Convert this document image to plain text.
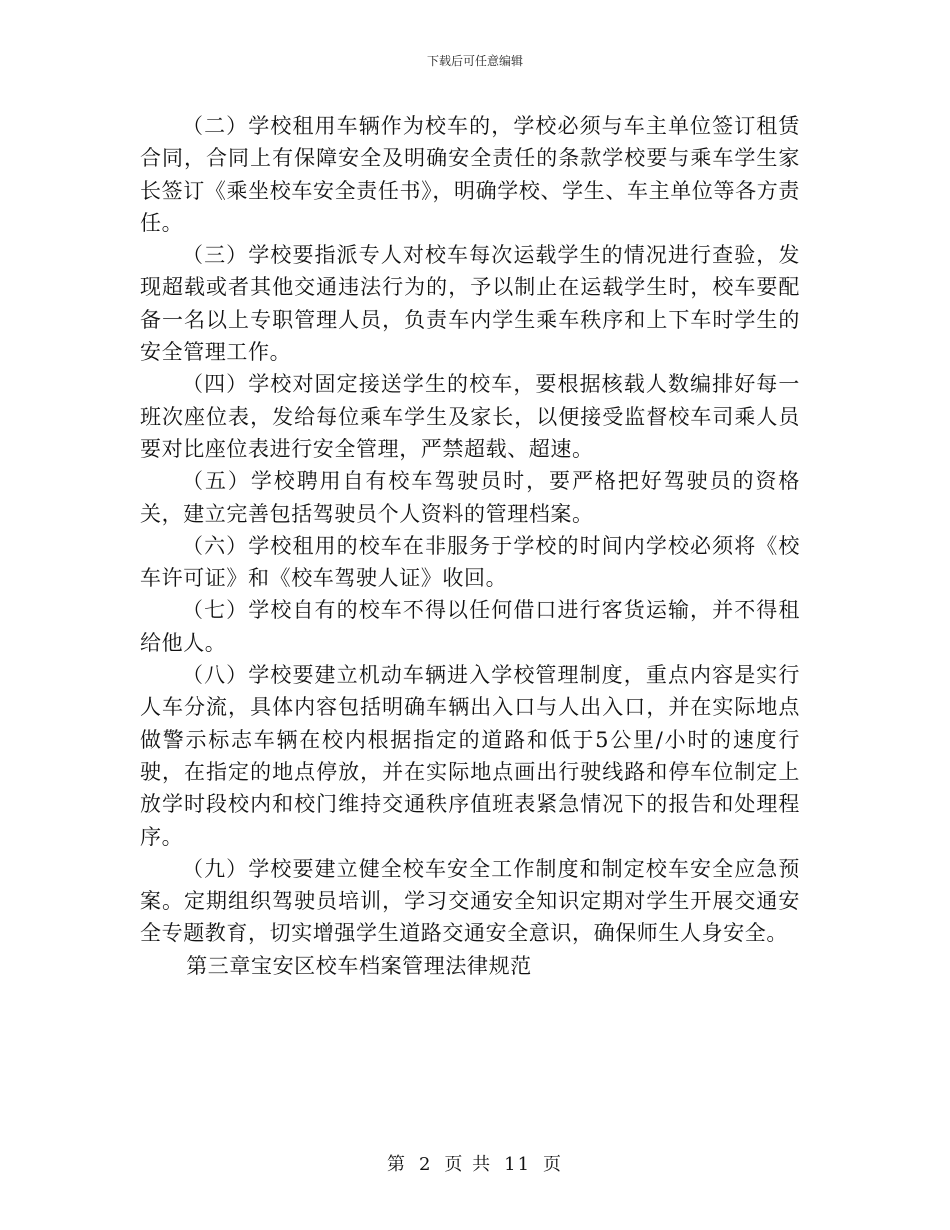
下载后可任意编辑

（二）学校租用车辆作为校车的，学校必须与车主单位签订租赁合同，合同上有保障安全及明确安全责任的条款学校要与乘车学生家长签订《乘坐校车安全责任书》，明确学校、学生、车主单位等各方责任。

（三）学校要指派专人对校车每次运载学生的情况进行查验，发现超载或者其他交通违法行为的，予以制止在运载学生时，校车要配备一名以上专职管理人员，负责车内学生乘车秩序和上下车时学生的安全管理工作。

（四）学校对固定接送学生的校车，要根据核载人数编排好每一班次座位表，发给每位乘车学生及家长，以便接受监督校车司乘人员要对比座位表进行安全管理，严禁超载、超速。

（五）学校聘用自有校车驾驶员时，要严格把好驾驶员的资格关，建立完善包括驾驶员个人资料的管理档案。

（六）学校租用的校车在非服务于学校的时间内学校必须将《校车许可证》和《校车驾驶人证》收回。

（七）学校自有的校车不得以任何借口进行客货运输，并不得租给他人。

（八）学校要建立机动车辆进入学校管理制度，重点内容是实行人车分流，具体内容包括明确车辆出入口与人出入口，并在实际地点做警示标志车辆在校内根据指定的道路和低于5公里/小时的速度行驶，在指定的地点停放，并在实际地点画出行驶线路和停车位制定上放学时段校内和校门维持交通秩序值班表紧急情况下的报告和处理程序。

（九）学校要建立健全校车安全工作制度和制定校车安全应急预案。定期组织驾驶员培训，学习交通安全知识定期对学生开展交通安全专题教育，切实增强学生道路交通安全意识，确保师生人身安全。

第三章宝安区校车档案管理法律规范

第 2 页 共 11 页
